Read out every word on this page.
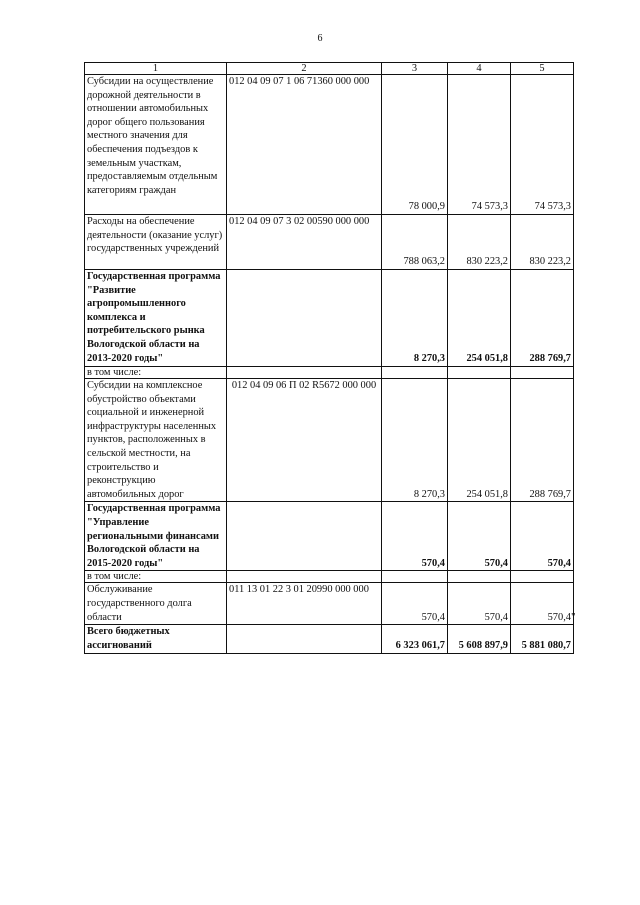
6
1	2	3	4	5
Субсидии на осуществление дорожной деятельности в отношении автомобильных дорог общего пользования местного значения для обеспечения подъездов к земельным участкам, предоставляемым отдельным категориям граждан	012 04 09 07 1 06 71360 000 000	78 000,9	74 573,3	74 573,3
Расходы на обеспечение деятельности (оказание услуг) государственных учреждений	012 04 09 07 3 02 00590 000 000	788 063,2	830 223,2	830 223,2
Государственная программа "Развитие агропромышленного комплекса и потребительского рынка Вологодской области на 2013-2020 годы"		8 270,3	254 051,8	288 769,7
в том числе:				
Субсидии на комплексное обустройство объектами социальной и инженерной инфраструктуры населенных пунктов, расположенных в сельской местности, на строительство и реконструкцию автомобильных дорог	012 04 09 06 П 02 R5672 000 000	8 270,3	254 051,8	288 769,7
Государственная программа "Управление региональными финансами Вологодской области на 2015-2020 годы"		570,4	570,4	570,4
в том числе:				
Обслуживание государственного долга области	011 13 01 22 3 01 20990 000 000	570,4	570,4	570,4
Всего бюджетных ассигнований		6 323 061,7	5 608 897,9	5 881 080,7
"
